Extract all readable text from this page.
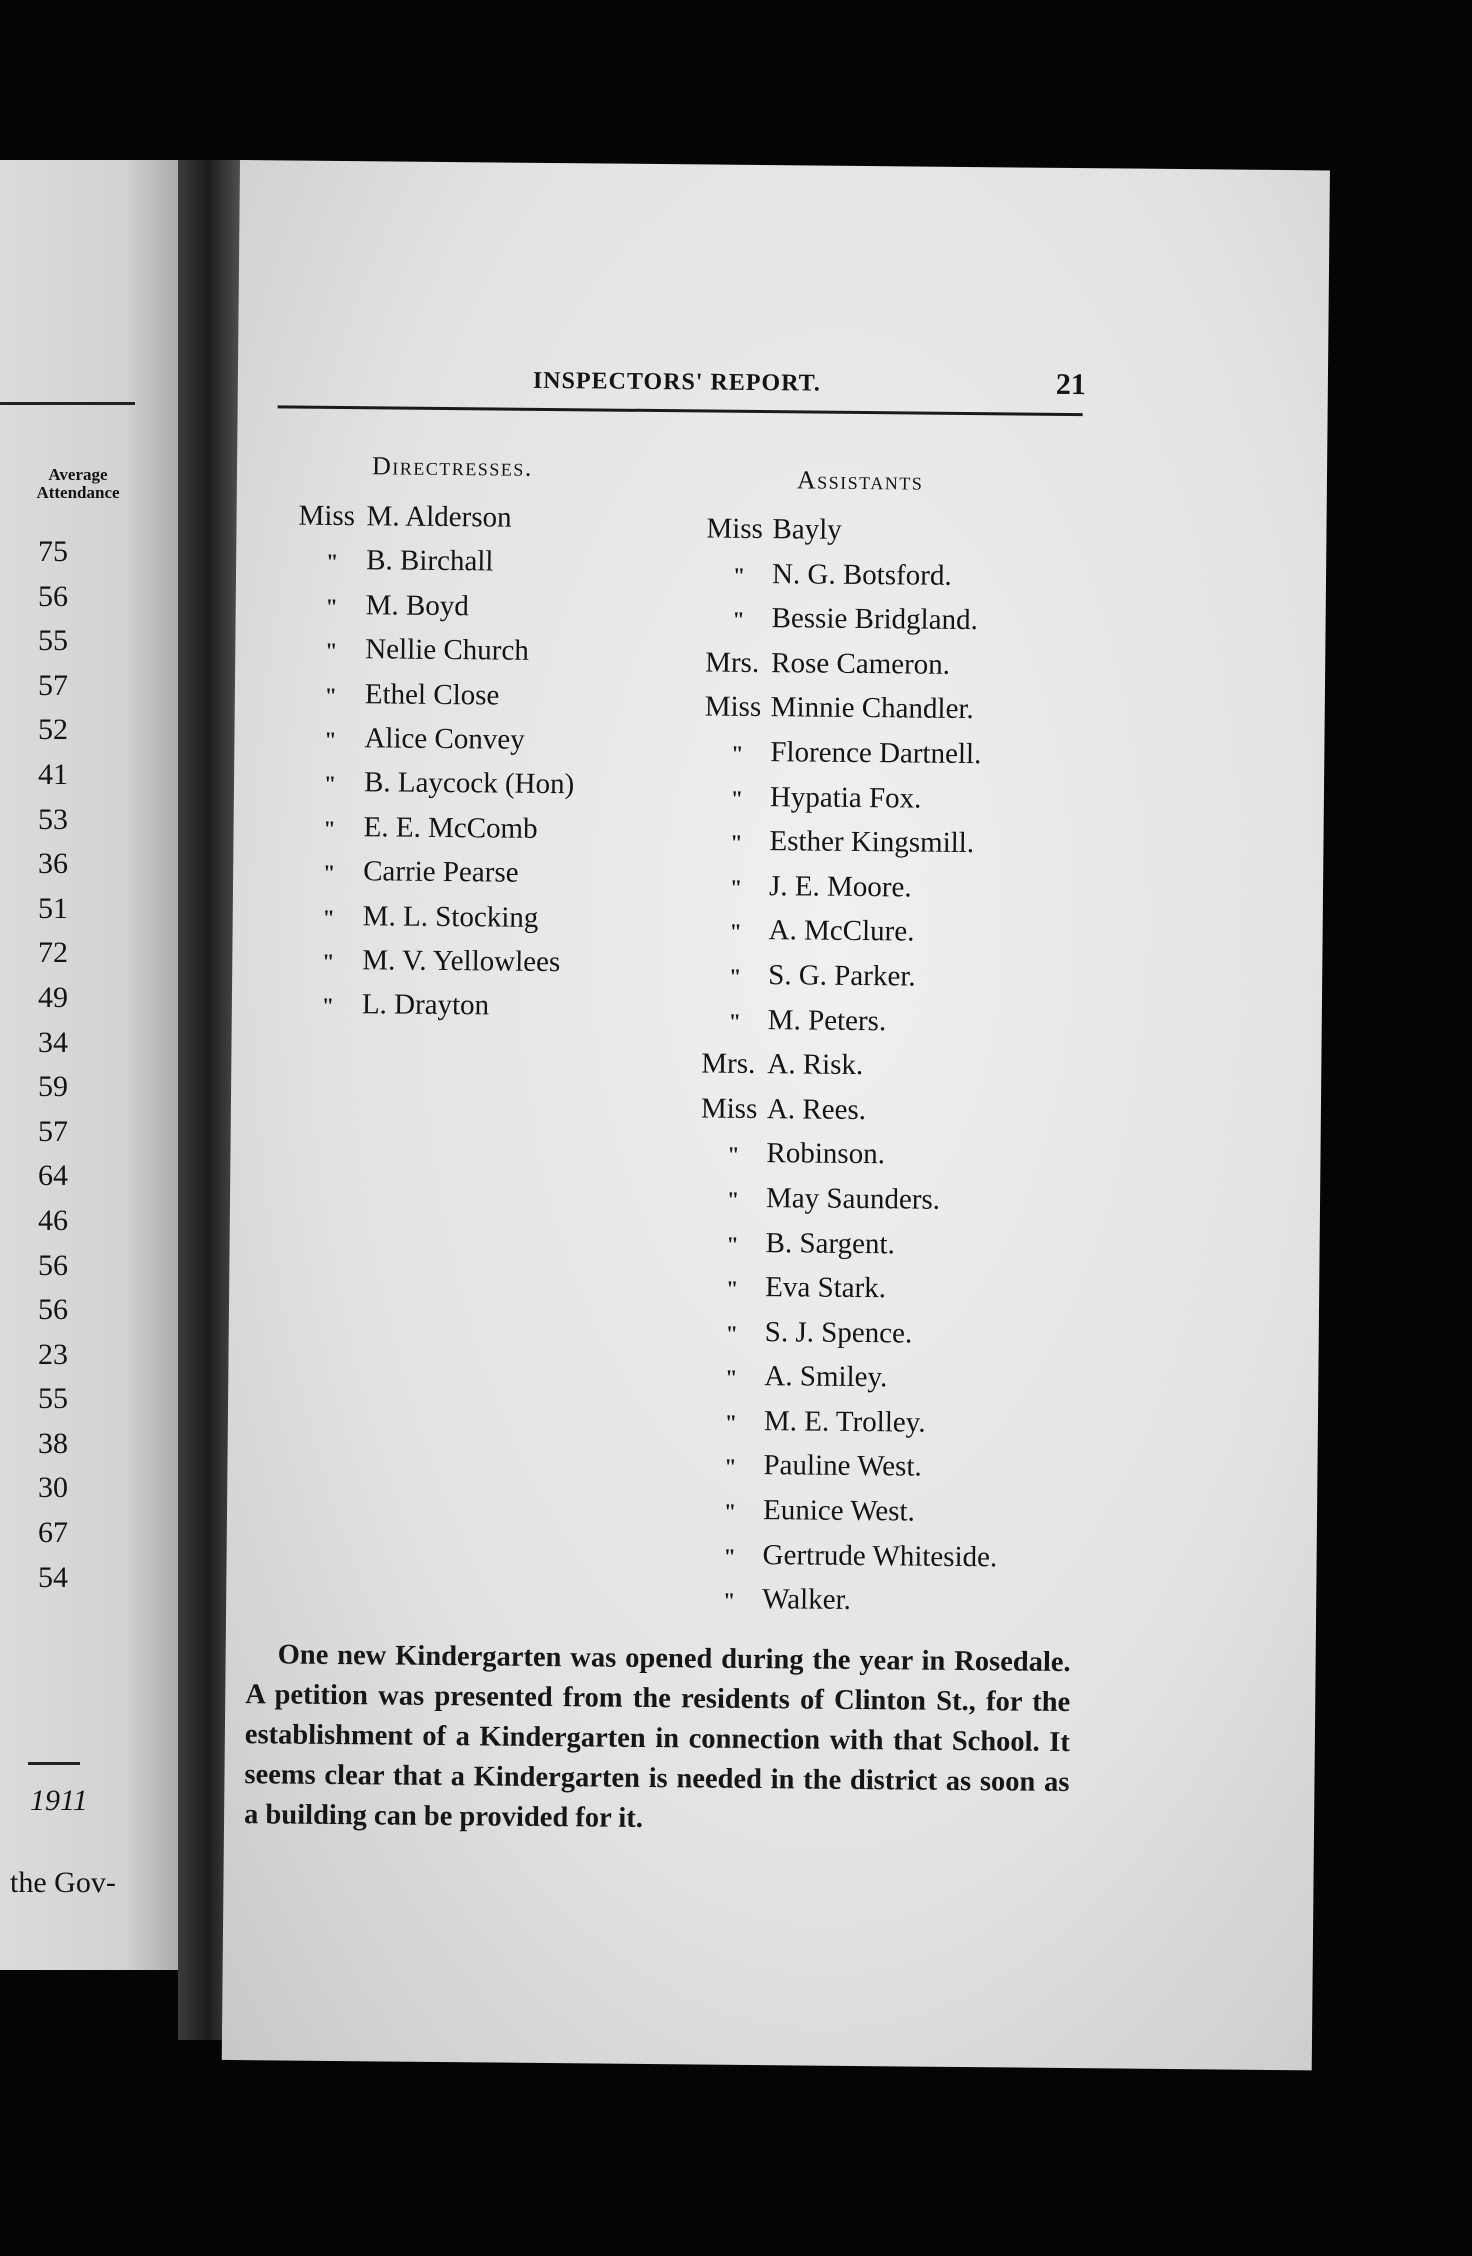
Average Attendance
75
56
55
57
52
41
53
36
51
72
49
34
59
57
64
46
56
56
23
55
38
30
67
54
1911
the Gov-
INSPECTORS' REPORT.	21
Directresses.
Miss M. Alderson
" B. Birchall
" M. Boyd
" Nellie Church
" Ethel Close
" Alice Convey
" B. Laycock (Hon)
" E. E. McComb
" Carrie Pearse
" M. L. Stocking
" M. V. Yellowlees
" L. Drayton
Assistants
Miss Bayly
" N. G. Botsford.
" Bessie Bridgland.
Mrs. Rose Cameron.
Miss Minnie Chandler.
" Florence Dartnell.
" Hypatia Fox.
" Esther Kingsmill.
" J. E. Moore.
" A. McClure.
" S. G. Parker.
" M. Peters.
Mrs. A. Risk.
Miss A. Rees.
" Robinson.
" May Saunders.
" B. Sargent.
" Eva Stark.
" S. J. Spence.
" A. Smiley.
" M. E. Trolley.
" Pauline West.
" Eunice West.
" Gertrude Whiteside.
" Walker.
One new Kindergarten was opened during the year in Rosedale. A petition was presented from the residents of Clinton St., for the establishment of a Kindergarten in connection with that School. It seems clear that a Kindergarten is needed in the district as soon as a building can be provided for it.
